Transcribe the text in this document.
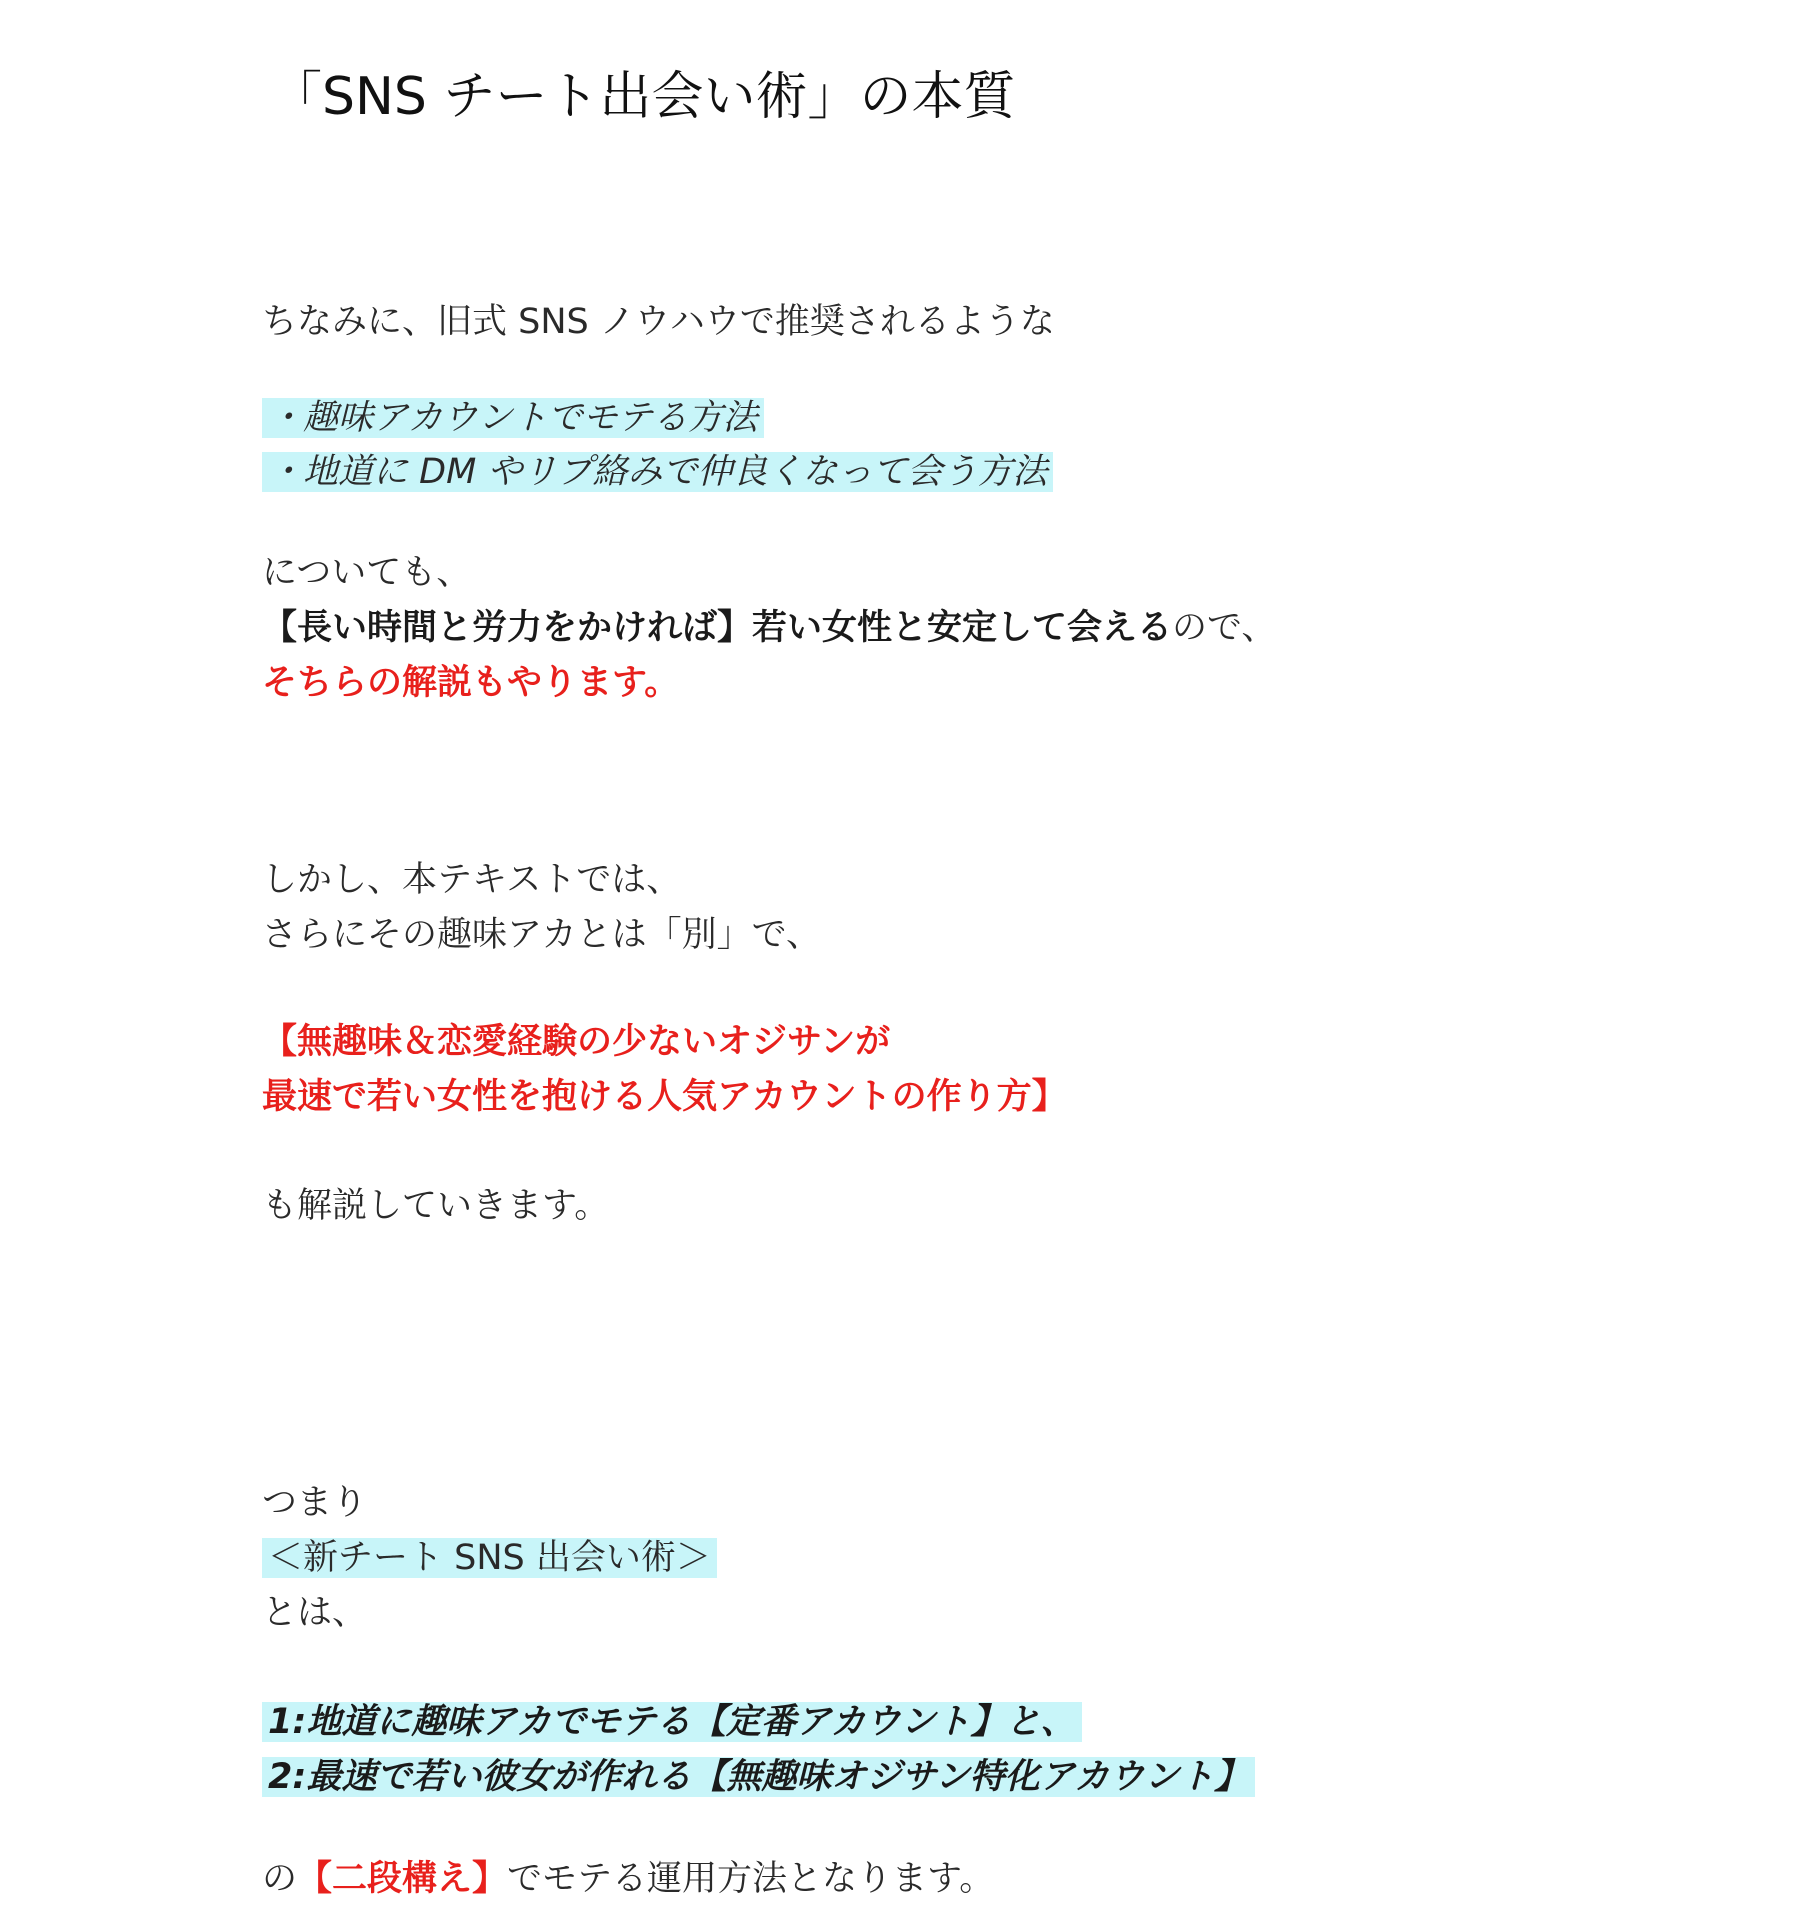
「SNS チート出会い術」の本質
ちなみに、旧式 SNS ノウハウで推奨されるような
・趣味アカウントでモテる方法
・地道に DM やリプ絡みで仲良くなって会う方法
についても、
【長い時間と労力をかければ】若い女性と安定して会えるので、
そちらの解説もやります。
しかし、本テキストでは、
さらにその趣味アカとは「別」で、
【無趣味＆恋愛経験の少ないオジサンが
最速で若い女性を抱ける人気アカウントの作り方】
も解説していきます。
つまり
＜新チート SNS 出会い術＞
とは、
1:地道に趣味アカでモテる【定番アカウント】と、
2:最速で若い彼女が作れる【無趣味オジサン特化アカウント】
の【二段構え】でモテる運用方法となります。
